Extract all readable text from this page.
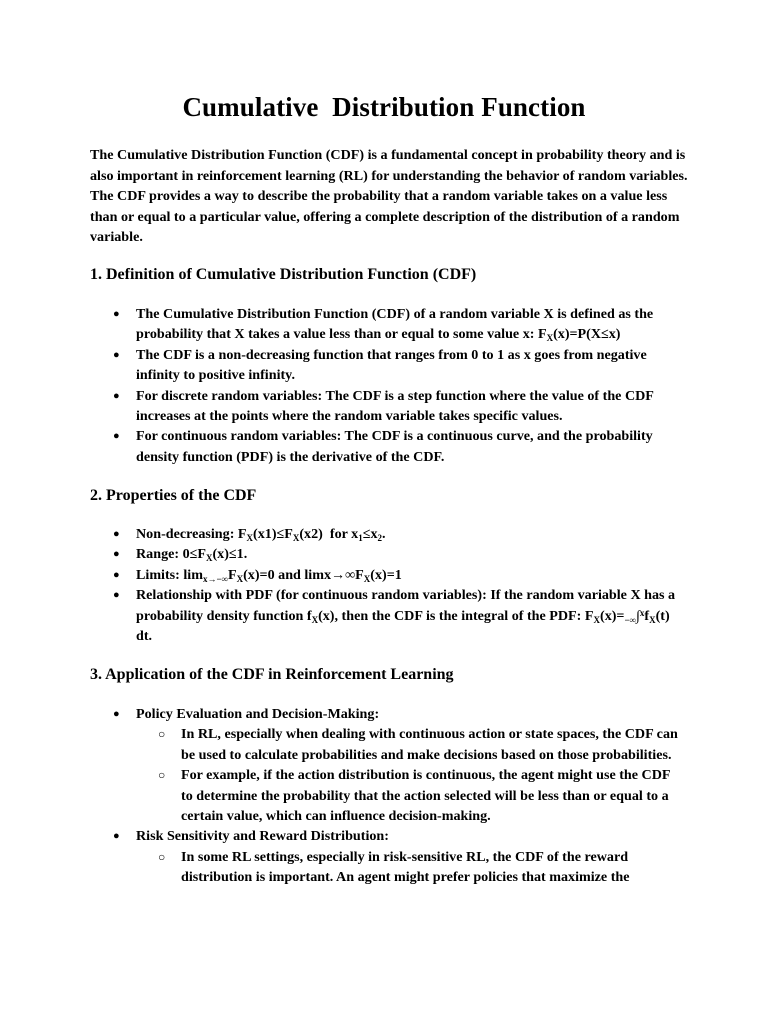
Cumulative  Distribution Function

The Cumulative Distribution Function (CDF) is a fundamental concept in probability theory and is also important in reinforcement learning (RL) for understanding the behavior of random variables. The CDF provides a way to describe the probability that a random variable takes on a value less than or equal to a particular value, offering a complete description of the distribution of a random variable.

1. Definition of Cumulative Distribution Function (CDF)
● The Cumulative Distribution Function (CDF) of a random variable X is defined as the probability that X takes a value less than or equal to some value x: $F_X(x)=P(X\le x)$
● The CDF is a non-decreasing function that ranges from 0 to 1 as x goes from negative infinity to positive infinity.
● For discrete random variables: The CDF is a step function where the value of the CDF increases at the points where the random variable takes specific values.
● For continuous random variables: The CDF is a continuous curve, and the probability density function (PDF) is the derivative of the CDF.
2. Properties of the CDF
● Non-decreasing: $F_X(x1)\le F_X(x2)$  for $x_1\le x_2$.
● Range: $0\le F_X(x)\le 1$.
● Limits: $\lim_{x\to-\infty}F_X(x)=0$ and $\lim x\to\infty F_X(x)=1$
● Relationship with PDF (for continuous random variables): If the random variable X has a probability density function $f_X(x)$, then the CDF is the integral of the PDF: $F_X(x)=_{-\infty}\int^xf_X(t)$ dt.
3. Application of the CDF in Reinforcement Learning
● Policy Evaluation and Decision-Making:
○ In RL, especially when dealing with continuous action or state spaces, the CDF can be used to calculate probabilities and make decisions based on those probabilities.
○ For example, if the action distribution is continuous, the agent might use the CDF to determine the probability that the action selected will be less than or equal to a certain value, which can influence decision-making.
● Risk Sensitivity and Reward Distribution:
○ In some RL settings, especially in risk-sensitive RL, the CDF of the reward distribution is important. An agent might prefer policies that maximize the
